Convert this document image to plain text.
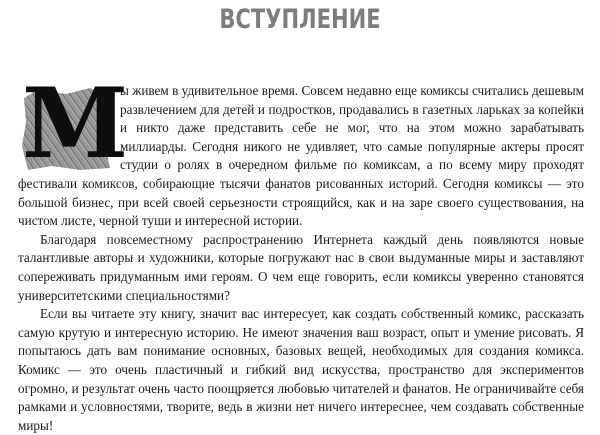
ВСТУПЛЕНИЕ
М

ы живем в удивительное время. Совсем недавно еще комиксы считались дешевым развлечением для детей и подростков, продавались в газетных ларьках за копейки и никто даже представить себе не мог, что на этом можно зарабатывать миллиарды. Сегодня никого не удивляет, что самые популярные актеры просят студии о ролях в очередном фильме по комиксам, а по всему миру проходят фестивали комиксов, собирающие тысячи фанатов рисованных историй. Сегодня комиксы — это большой бизнес, при всей своей серьезности строящийся, как и на заре своего существования, на чистом листе, черной туши и интересной истории.

Благодаря повсеместному распространению Интернета каждый день появляются новые талантливые авторы и художники, которые погружают нас в свои выдуманные миры и заставляют сопереживать придуманным ими героям. О чем еще говорить, если комиксы уверенно становятся университетскими специальностями?

Если вы читаете эту книгу, значит вас интересует, как создать собственный комикс, рассказать самую крутую и интересную историю. Не имеют значения ваш возраст, опыт и умение рисовать. Я попытаюсь дать вам понимание основных, базовых вещей, необходимых для создания комикса. Комикс — это очень пластичный и гибкий вид искусства, пространство для экспериментов огромно, и результат очень часто поощряется любовью читателей и фанатов. Не ограничивайте себя рамками и условностями, творите, ведь в жизни нет ничего интереснее, чем создавать собственные миры!
